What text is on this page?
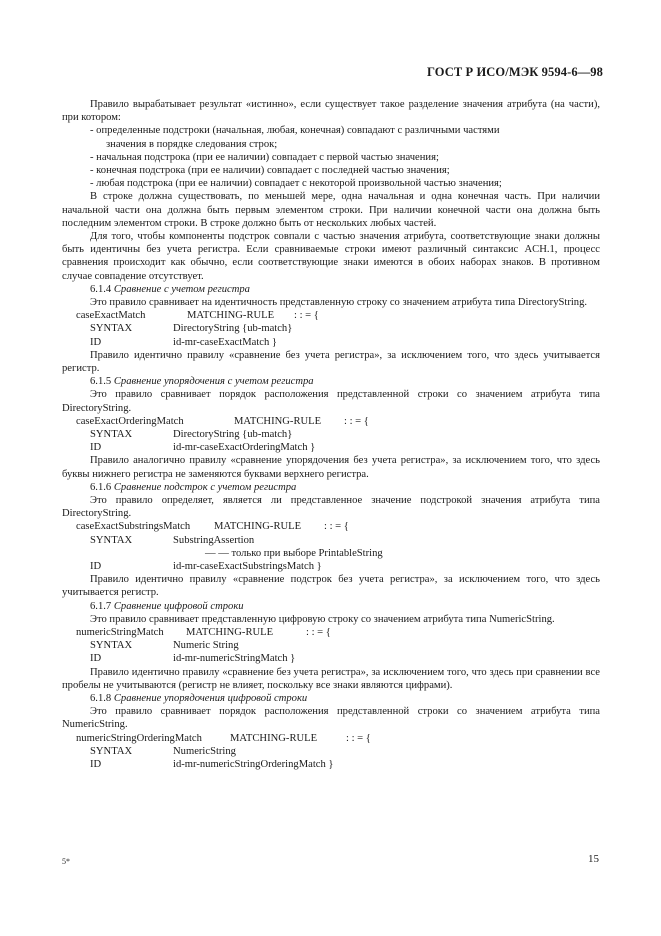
ГОСТ Р ИСО/МЭК 9594-6—98

Правило вырабатывает результат «истинно», если существует такое разделение значения атрибута (на части), при котором:

- определенные подстроки (начальная, любая, конечная) совпадают с различными частями

значения в порядке следования строк;

- начальная подстрока (при ее наличии) совпадает с первой частью значения;

- конечная подстрока (при ее наличии) совпадает с последней частью значения;

- любая подстрока (при ее наличии) совпадает с некоторой произвольной частью значения;

В строке должна существовать, по меньшей мере, одна начальная и одна конечная часть. При наличии начальной части она должна быть первым элементом строки. При наличии конечной части она должна быть последним элементом строки. В строке должно быть от нескольких любых частей.

Для того, чтобы компоненты подстрок совпали с частью значения атрибута, соответствующие знаки должны быть идентичны без учета регистра. Если сравниваемые строки имеют различный синтаксис ACH.1, процесс сравнения происходит как обычно, если соответствующие знаки имеются в обоих наборах знаков. В противном случае совпадение отсутствует.

6.1.4 Сравнение с учетом регистра

Это правило сравнивает на идентичность представленную строку со значением атрибута типа DirectoryString.

caseExactMatch	MATCHING-RULE : : = {
SYNTAX	DirectoryString {ub-match}
ID	id-mr-caseExactMatch }

Правило идентично правилу «сравнение без учета регистра», за исключением того, что здесь учитывается регистр.

6.1.5 Сравнение упорядочения с учетом регистра

Это правило сравнивает порядок расположения представленной строки со значением атрибута типа DirectoryString.

caseExactOrderingMatch	MATCHING-RULE : : = {
SYNTAX	DirectoryString {ub-match}
ID	id-mr-caseExactOrderingMatch }

Правило аналогично правилу «сравнение упорядочения без учета регистра», за исключением того, что здесь буквы нижнего регистра не заменяются буквами верхнего регистра.

6.1.6 Сравнение подстрок с учетом регистра

Это правило определяет, является ли представленное значение подстрокой значения атрибута типа DirectoryString.

caseExactSubstringsMatch MATCHING-RULE : : = {
SYNTAX	SubstringAssertion
— — только при выборе PrintableString
ID	id-mr-caseExactSubstringsMatch }

Правило идентично правилу «сравнение подстрок без учета регистра», за исключением того, что здесь учитывается регистр.

6.1.7 Сравнение цифровой строки

Это правило сравнивает представленную цифровую строку со значением атрибута типа NumericString.

numericStringMatch MATCHING-RULE	: : = {
SYNTAX	Numeric String
ID	id-mr-numericStringMatch }

Правило идентично правилу «сравнение без учета регистра», за исключением того, что здесь при сравнении все пробелы не учитываются (регистр не влияет, поскольку все знаки являются цифрами).

6.1.8 Сравнение упорядочения цифровой строки

Это правило сравнивает порядок расположения представленной строки со значением атрибута типа NumericString.

numericStringOrderingMatch	MATCHING-RULE	: : = {
SYNTAX	NumericString
ID	id-mr-numericStringOrderingMatch }
5*	15
